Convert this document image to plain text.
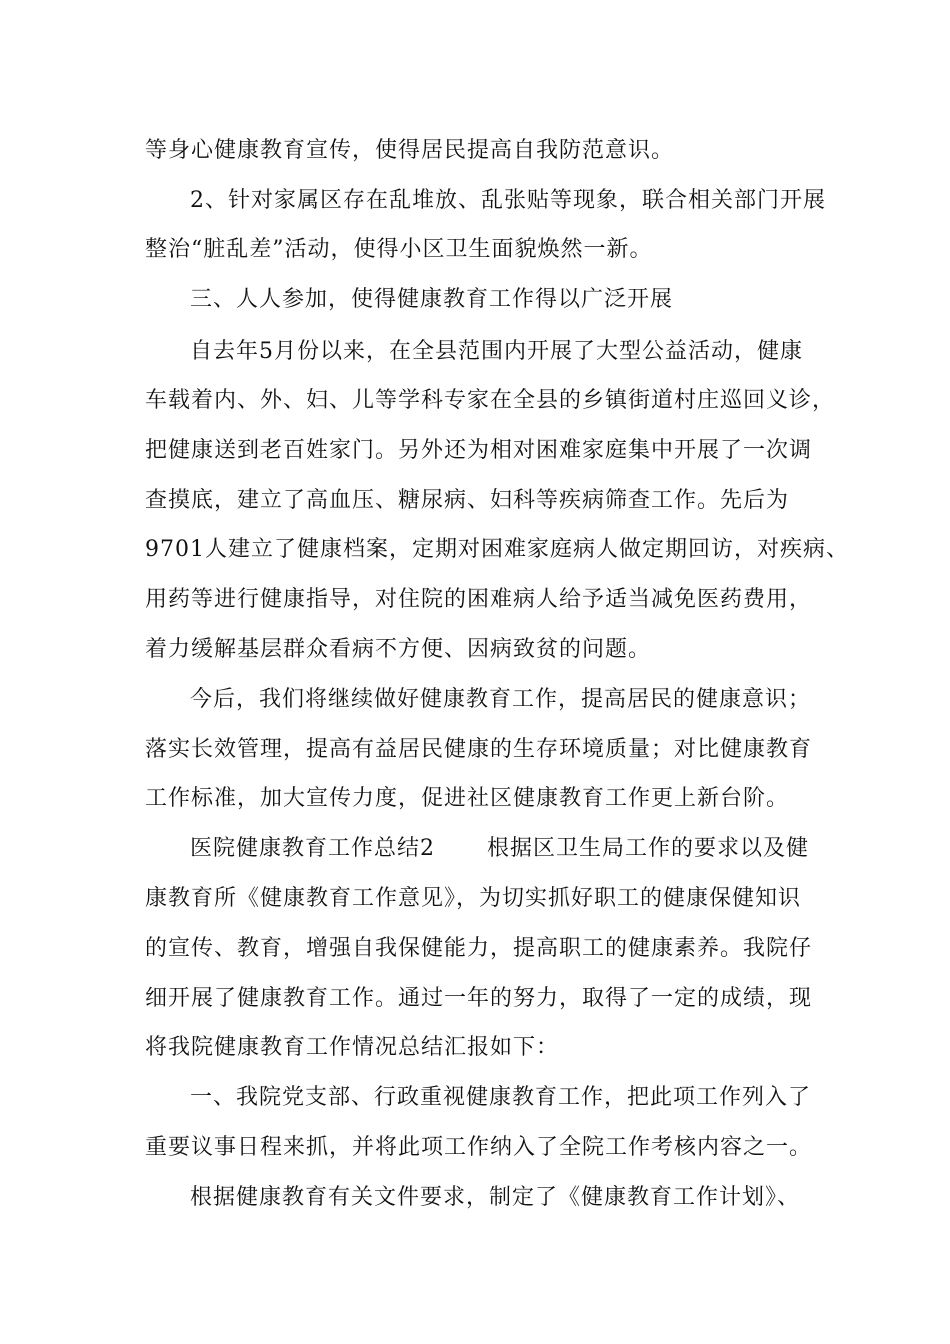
等身心健康教育宣传，使得居民提高自我防范意识。
2、针对家属区存在乱堆放、乱张贴等现象，联合相关部门开展
整治“脏乱差”活动，使得小区卫生面貌焕然一新。
三、人人参加，使得健康教育工作得以广泛开展
自去年5月份以来，在全县范围内开展了大型公益活动，健康
车载着内、外、妇、儿等学科专家在全县的乡镇街道村庄巡回义诊，
把健康送到老百姓家门。另外还为相对困难家庭集中开展了一次调
查摸底，建立了高血压、糖尿病、妇科等疾病筛查工作。先后为
9701人建立了健康档案，定期对困难家庭病人做定期回访，对疾病、
用药等进行健康指导，对住院的困难病人给予适当减免医药费用，
着力缓解基层群众看病不方便、因病致贫的问题。
今后，我们将继续做好健康教育工作，提高居民的健康意识；
落实长效管理，提高有益居民健康的生存环境质量；对比健康教育
工作标准，加大宣传力度，促进社区健康教育工作更上新台阶。
医院健康教育工作总结2 根据区卫生局工作的要求以及健
康教育所《健康教育工作意见》，为切实抓好职工的健康保健知识
的宣传、教育，增强自我保健能力，提高职工的健康素养。我院仔
细开展了健康教育工作。通过一年的努力，取得了一定的成绩，现
将我院健康教育工作情况总结汇报如下：
一、我院党支部、行政重视健康教育工作，把此项工作列入了
重要议事日程来抓，并将此项工作纳入了全院工作考核内容之一。
根据健康教育有关文件要求，制定了《健康教育工作计划》、
